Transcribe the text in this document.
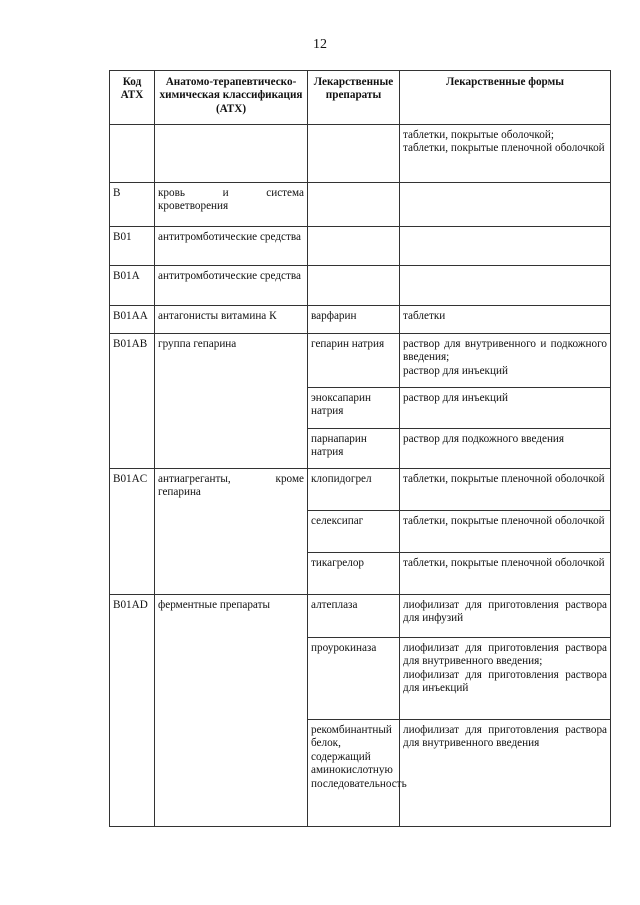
12
Код АТХ	Анатомо-терапевтическо-химическая классификация (АТХ)	Лекарственные препараты	Лекарственные формы

			таблетки, покрытые оболочкой;
таблетки, покрытые пленочной оболочкой

B	кровь и система кроветворения		
B01	антитромботические средства		
B01A	антитромботические средства		
B01AA	антагонисты витамина К	варфарин	таблетки

B01AB	группа гепарина	гепарин натрия	раствор для внутривенного и подкожного введения;
раствор для инъекций

		эноксапарин натрия	раствор для инъекций

		парнапарин натрия	раствор для подкожного введения

B01AC	антиагреганты, кроме гепарина	клопидогрел	таблетки, покрытые пленочной оболочкой

		селексипаг	таблетки, покрытые пленочной оболочкой

		тикагрелор	таблетки, покрытые пленочной оболочкой

B01AD	ферментные препараты	алтеплаза	лиофилизат для приготовления раствора для инфузий

		проурокиназа	лиофилизат для приготовления раствора для внутривенного введения;
лиофилизат для приготовления раствора для инъекций

		рекомбинантный белок, содержащий аминокислотную последовательность	лиофилизат для приготовления раствора для внутривенного введения
